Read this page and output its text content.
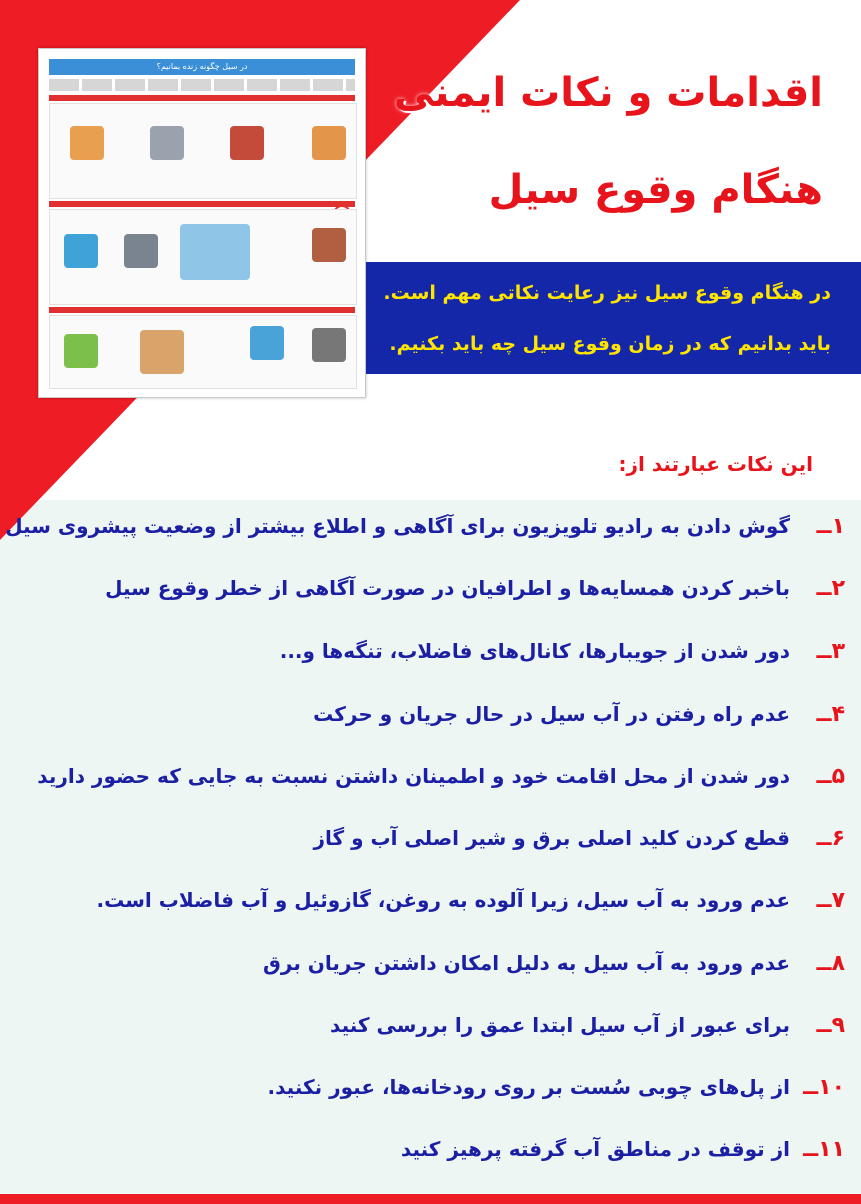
در سیل چگونه زنده بمانیم؟
اقدامات و نکات ایمنی
هنگام وقوع سیل
در هنگام وقوع سیل نیز رعایت نکاتی مهم است.
باید بدانیم که در زمان وقوع سیل چه باید بکنیم.
این نکات عبارتند از:
۱ــ گوش دادن به رادیو تلویزیون برای آگاهی و اطلاع بیشتر از وضعیت پیشروی سیل
۲ــ باخبر کردن همسایه‌ها و اطرافیان در صورت آگاهی از خطر وقوع سیل
۳ــ دور شدن از جویبارها، کانال‌های فاضلاب، تنگه‌ها و...
۴ــ عدم راه رفتن در آب سیل در حال جریان و حرکت
۵ــ دور شدن از محل اقامت خود و اطمینان داشتن نسبت به جایی که حضور دارید
۶ــ قطع کردن کلید اصلی برق و شیر اصلی آب و گاز
۷ــ عدم ورود به آب سیل، زیرا آلوده به روغن، گازوئیل و آب فاضلاب است.
۸ــ عدم ورود به آب سیل به دلیل امکان داشتن جریان برق
۹ــ برای عبور از آب سیل ابتدا عمق را بررسی کنید
۱۰ــ از پل‌های چوبی سُست بر روی رودخانه‌ها، عبور نکنید.
۱۱ــ از توقف در مناطق آب گرفته پرهیز کنید
